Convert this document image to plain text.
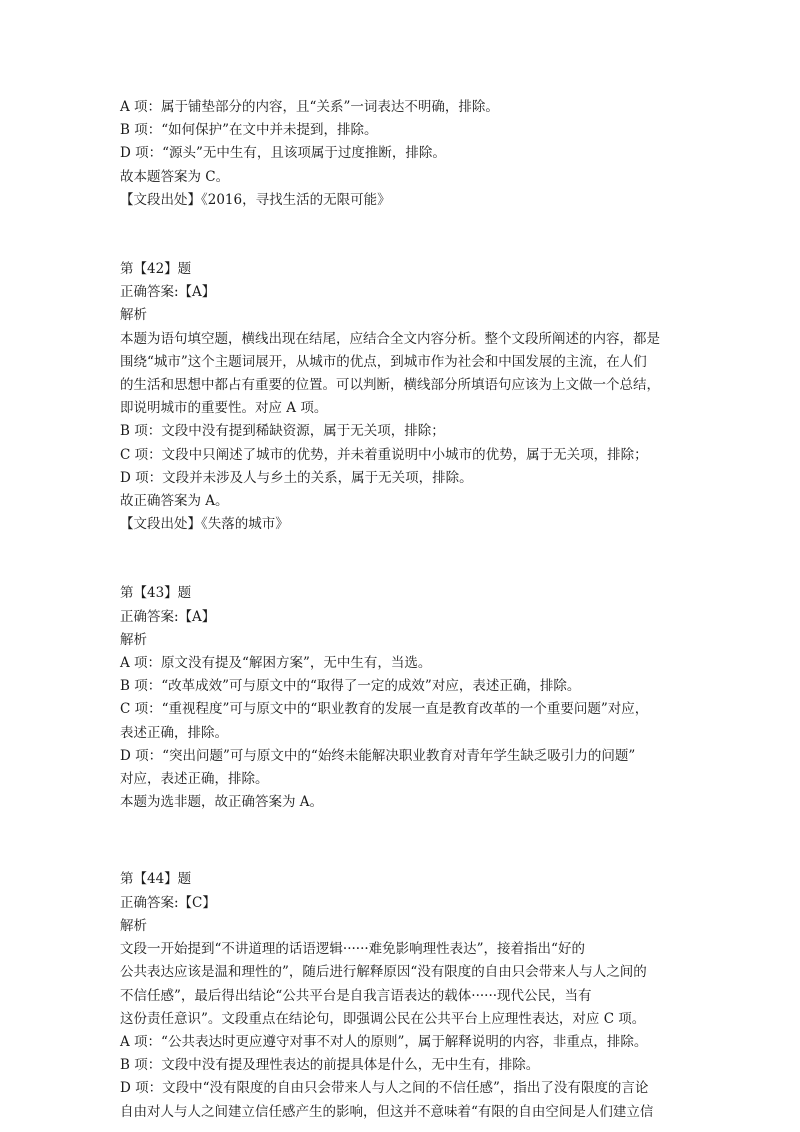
A 项：属于铺垫部分的内容，且“关系”一词表达不明确，排除。

B 项：“如何保护”在文中并未提到，排除。

D 项：“源头”无中生有，且该项属于过度推断，排除。

故本题答案为 C。

【文段出处】《2016，寻找生活的无限可能》

第【42】题

正确答案:【A】

解析

本题为语句填空题，横线出现在结尾，应结合全文内容分析。整个文段所阐述的内容，都是

围绕“城市”这个主题词展开，从城市的优点，到城市作为社会和中国发展的主流，在人们

的生活和思想中都占有重要的位置。可以判断，横线部分所填语句应该为上文做一个总结，

即说明城市的重要性。对应 A 项。

B 项：文段中没有提到稀缺资源，属于无关项，排除；

C 项：文段中只阐述了城市的优势，并未着重说明中小城市的优势，属于无关项，排除；

D 项：文段并未涉及人与乡土的关系，属于无关项，排除。

故正确答案为 A。

【文段出处】《失落的城市》

第【43】题

正确答案:【A】

解析

A 项：原文没有提及“解困方案”，无中生有，当选。

B 项：“改革成效”可与原文中的“取得了一定的成效”对应，表述正确，排除。

C 项：“重视程度”可与原文中的“职业教育的发展一直是教育改革的一个重要问题”对应，

表述正确，排除。

D 项：“突出问题”可与原文中的“始终未能解决职业教育对青年学生缺乏吸引力的问题”

对应，表述正确，排除。

本题为选非题，故正确答案为 A。

第【44】题

正确答案:【C】

解析

文段一开始提到“不讲道理的话语逻辑······难免影响理性表达”，接着指出“好的

公共表达应该是温和理性的”，随后进行解释原因“没有限度的自由只会带来人与人之间的

不信任感”，最后得出结论“公共平台是自我言语表达的载体······现代公民，当有

这份责任意识”。文段重点在结论句，即强调公民在公共平台上应理性表达，对应 C 项。

A 项：“公共表达时更应遵守对事不对人的原则”，属于解释说明的内容，非重点，排除。

B 项：文段中没有提及理性表达的前提具体是什么，无中生有，排除。

D 项：文段中“没有限度的自由只会带来人与人之间的不信任感”，指出了没有限度的言论

自由对人与人之间建立信任感产生的影响，但这并不意味着“有限的自由空间是人们建立信
